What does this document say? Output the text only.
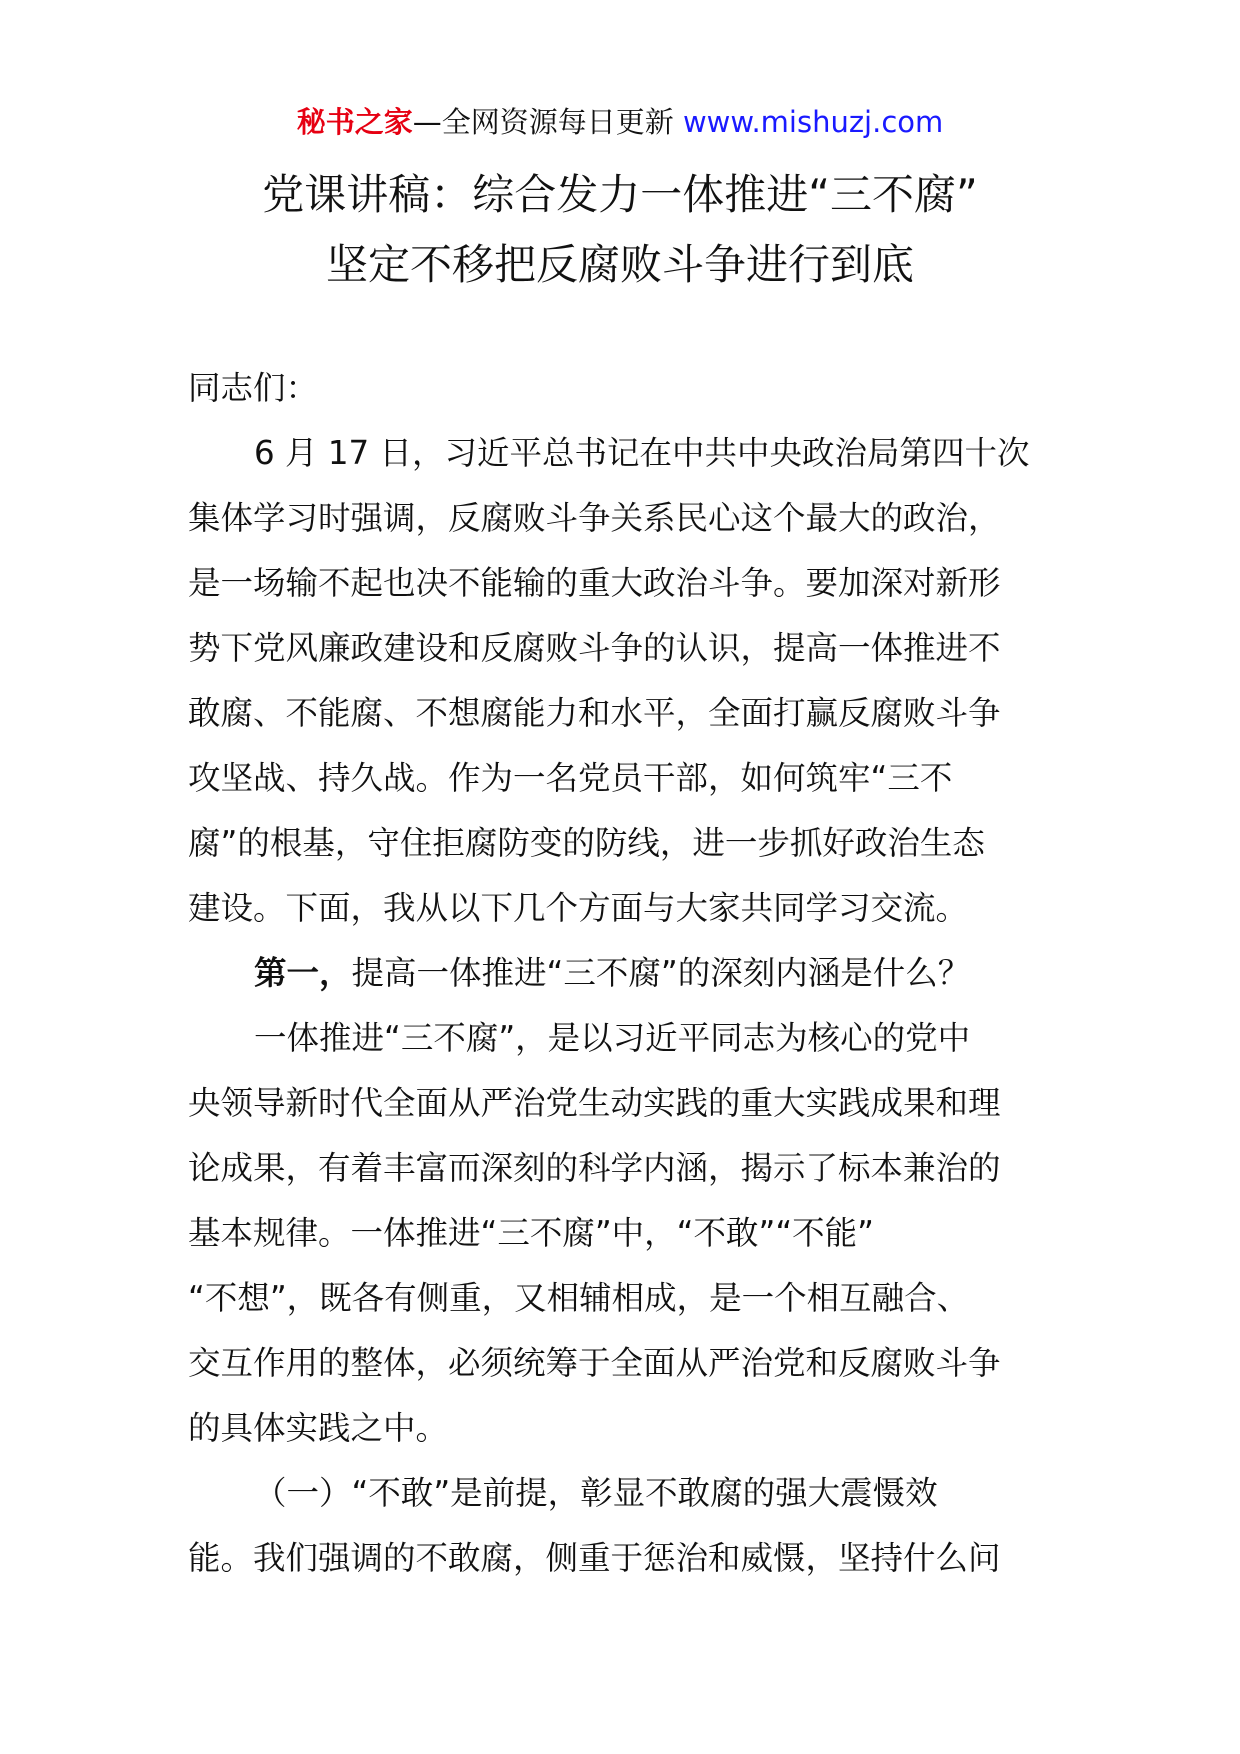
秘书之家—全网资源每日更新 www.mishuzj.com
党课讲稿：综合发力一体推进“三不腐”
坚定不移把反腐败斗争进行到底
同志们：
6 月 17 日，习近平总书记在中共中央政治局第四十次
集体学习时强调，反腐败斗争关系民心这个最大的政治，
是一场输不起也决不能输的重大政治斗争。要加深对新形
势下党风廉政建设和反腐败斗争的认识，提高一体推进不
敢腐、不能腐、不想腐能力和水平，全面打赢反腐败斗争
攻坚战、持久战。作为一名党员干部，如何筑牢“三不
腐”的根基，守住拒腐防变的防线，进一步抓好政治生态
建设。下面，我从以下几个方面与大家共同学习交流。
第一，提高一体推进“三不腐”的深刻内涵是什么？
一体推进“三不腐”，是以习近平同志为核心的党中
央领导新时代全面从严治党生动实践的重大实践成果和理
论成果，有着丰富而深刻的科学内涵，揭示了标本兼治的
基本规律。一体推进“三不腐”中，“不敢”“不能”
“不想”，既各有侧重，又相辅相成，是一个相互融合、
交互作用的整体，必须统筹于全面从严治党和反腐败斗争
的具体实践之中。
（一）“不敢”是前提，彰显不敢腐的强大震慑效
能。我们强调的不敢腐，侧重于惩治和威慑，坚持什么问
